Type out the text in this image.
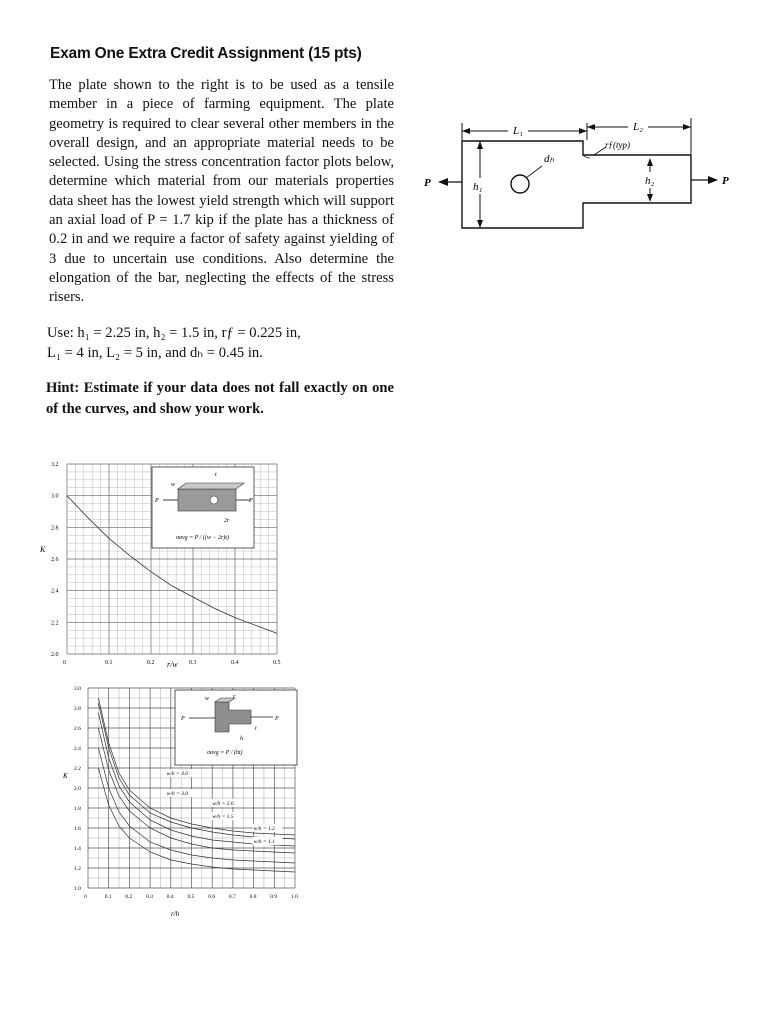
Exam One Extra Credit Assignment (15 pts)
The plate shown to the right is to be used as a tensile member in a piece of farming equipment. The plate geometry is required to clear several other members in the overall design, and an appropriate material needs to be selected. Using the stress concentration factor plots below, determine which material from our materials properties data sheet has the lowest yield strength which will support an axial load of P = 1.7 kip if the plate has a thickness of 0.2 in and we require a factor of safety against yielding of 3 due to uncertain use conditions. Also determine the elongation of the bar, neglecting the effects of the stress risers.
Use: h₁ = 2.25 in, h₂ = 1.5 in, rƒ = 0.225 in,
L₁ = 4 in, L₂ = 5 in, and dₕ = 0.45 in.
Hint: Estimate if your data does not fall exactly on one of the curves, and show your work.
dₕ
L₁	L₂
rƒ(typ)
h₁	h₂
P	P
0	0.1	0.2	0.3	0.4	0.5
2.0
2.2
2.4
2.6
2.8
3.0
3.2
K
r/w
t
w
2r
P	P
σavg = P / ((w − 2r)t)
0	0.1	0.2	0.3	0.4	0.5	0.6	0.7	0.8	0.9	1.0
1.0
1.2
1.4
1.6
1.8
2.0
2.2
2.4
2.6
2.8
3.0
w/h = 4.0
w/h = 3.0
w/h = 2.0
w/h = 1.5
w/h = 1.2
w/h = 1.1
K
r/h
w	r
h
t
P	P
σavg = P / (ht)
